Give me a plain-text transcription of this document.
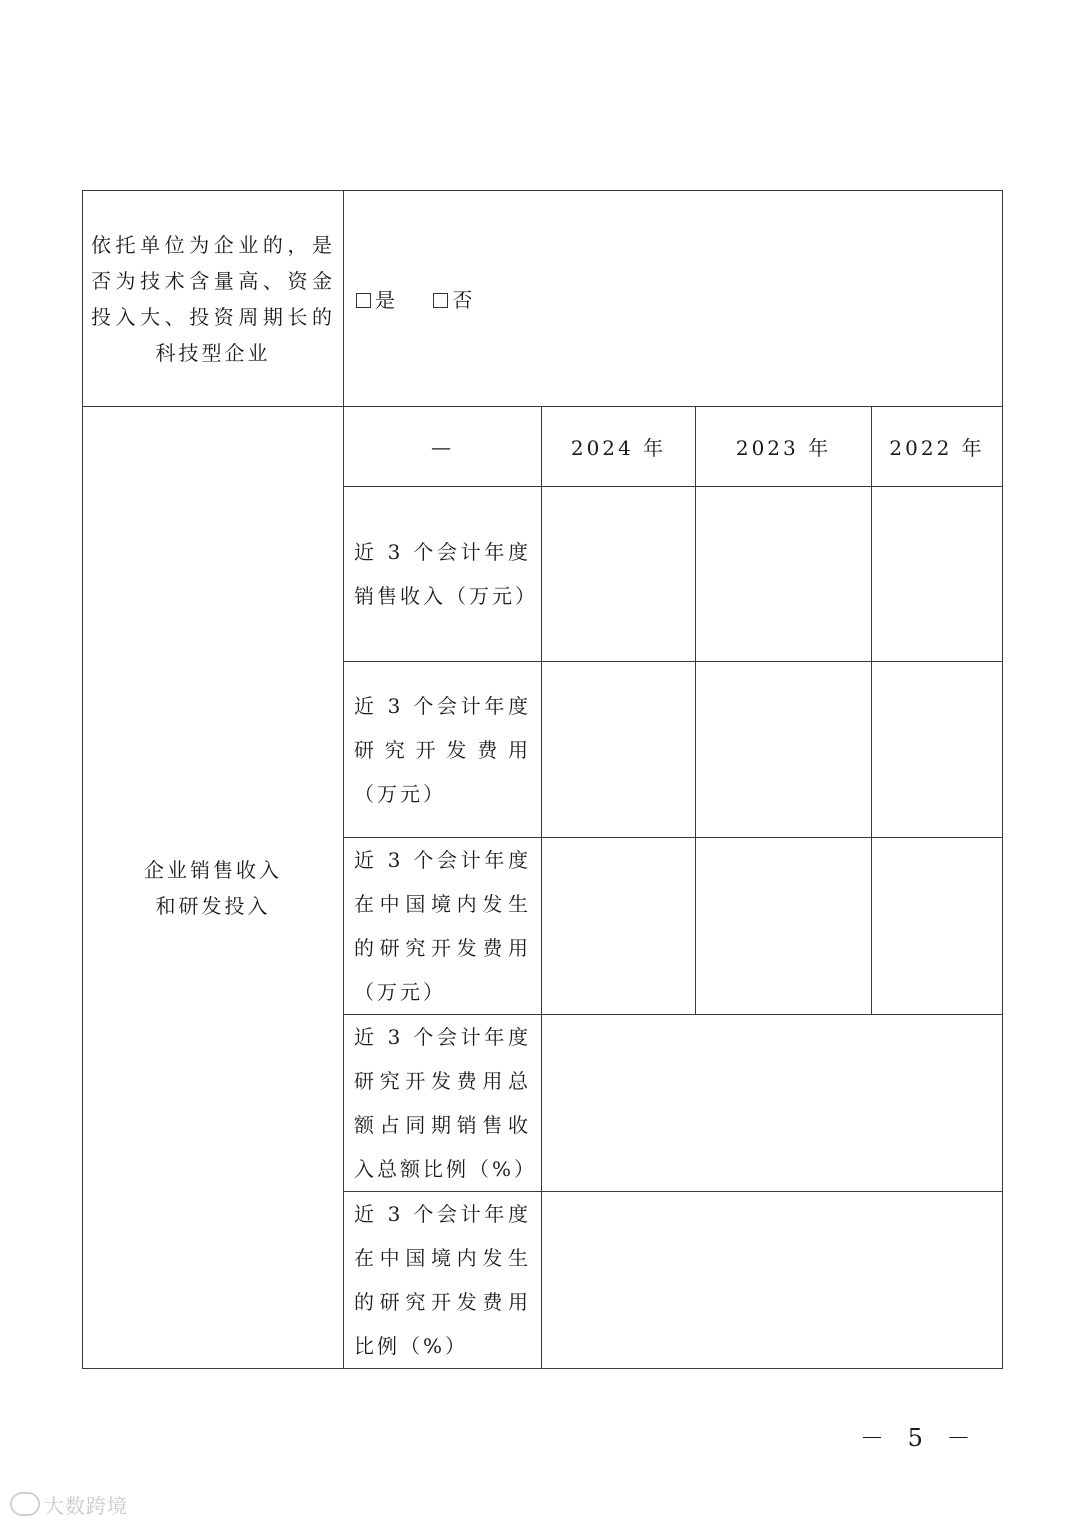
依托单位为企业的，是否为技术含量高、资金投入大、投资周期长的科技型企业	是 否			

企业销售收入
和研发投入	—	2024 年	2023 年	2022 年
	近 3 个会计年度销售收入（万元）			
	近 3 个会计年度研究开发费用（万元）			
	近 3 个会计年度在中国境内发生的研究开发费用（万元）			
	近 3 个会计年度研究开发费用总额占同期销售收入总额比例（%）			
	近 3 个会计年度在中国境内发生的研究开发费用比例（%）			
－ 5 －
大数跨境
